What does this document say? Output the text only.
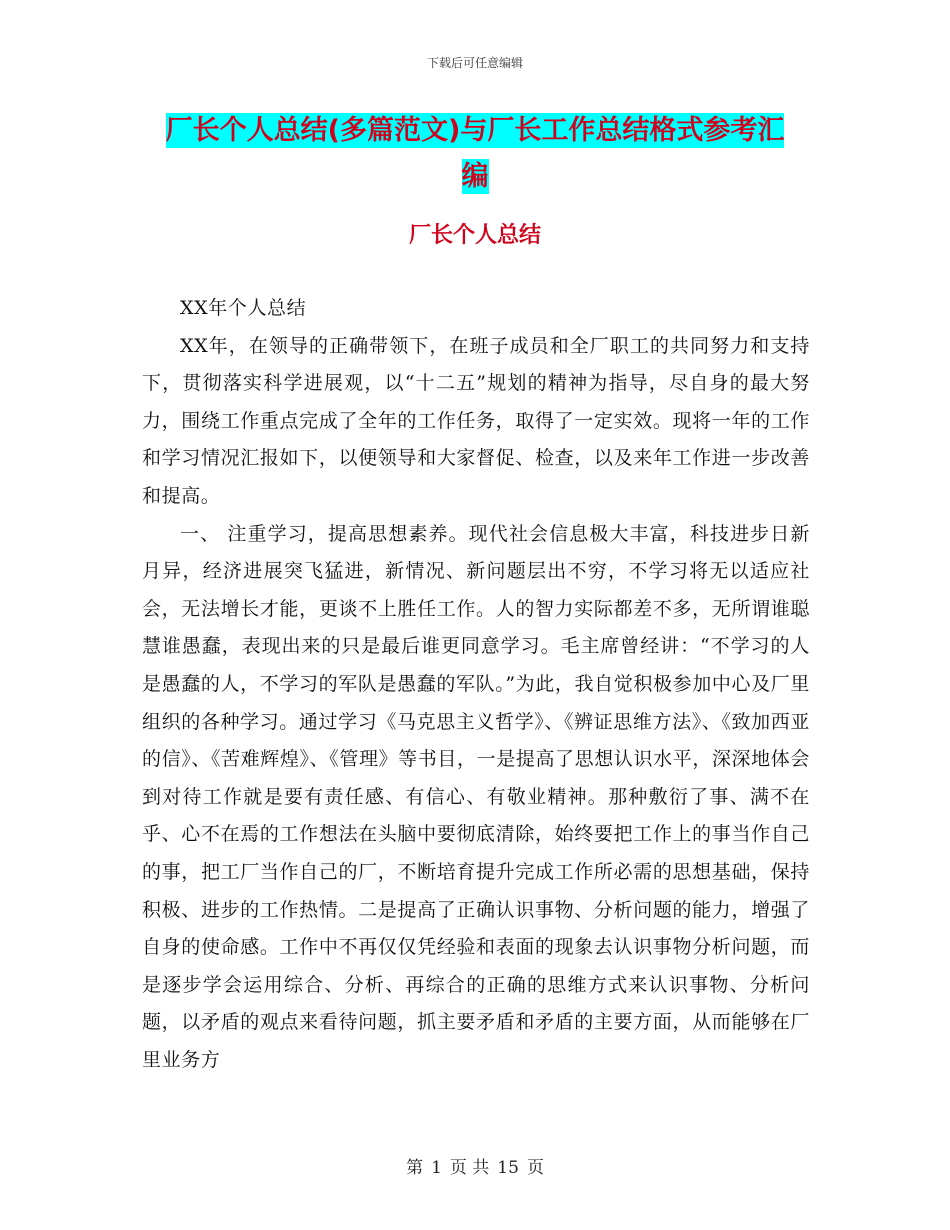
下载后可任意编辑
厂长个人总结(多篇范文)与厂长工作总结格式参考汇
编
厂长个人总结

XX年个人总结

XX年，在领导的正确带领下，在班子成员和全厂职工的共同努力和支持下，贯彻落实科学进展观，以“十二五”规划的精神为指导，尽自身的最大努力，围绕工作重点完成了全年的工作任务，取得了一定实效。现将一年的工作和学习情况汇报如下，以便领导和大家督促、检查，以及来年工作进一步改善和提高。

一、 注重学习，提高思想素养。现代社会信息极大丰富，科技进步日新月异，经济进展突飞猛进，新情况、新问题层出不穷，不学习将无以适应社会，无法增长才能，更谈不上胜任工作。人的智力实际都差不多，无所谓谁聪慧谁愚蠢，表现出来的只是最后谁更同意学习。毛主席曾经讲：“不学习的人是愚蠢的人，不学习的军队是愚蠢的军队。”为此，我自觉积极参加中心及厂里组织的各种学习。通过学习《马克思主义哲学》、《辨证思维方法》、《致加西亚的信》、《苦难辉煌》、《管理》等书目，一是提高了思想认识水平，深深地体会到对待工作就是要有责任感、有信心、有敬业精神。那种敷衍了事、满不在乎、心不在焉的工作想法在头脑中要彻底清除，始终要把工作上的事当作自己的事，把工厂当作自己的厂，不断培育提升完成工作所必需的思想基础，保持积极、进步的工作热情。二是提高了正确认识事物、分析问题的能力，增强了自身的使命感。工作中不再仅仅凭经验和表面的现象去认识事物分析问题，而是逐步学会运用综合、分析、再综合的正确的思维方式来认识事物、分析问题，以矛盾的观点来看待问题，抓主要矛盾和矛盾的主要方面，从而能够在厂里业务方

第 1 页 共 15 页
